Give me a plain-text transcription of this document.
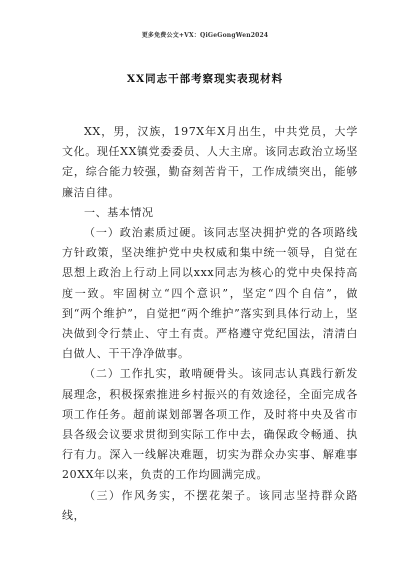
更多免费公文+VX：QiGeGongWen2024
XX同志干部考察现实表现材料

XX，男，汉族，197X年X月出生，中共党员，大学文化。现任XX镇党委委员、人大主席。该同志政治立场坚定，综合能力较强，勤奋刻苦肯干，工作成绩突出，能够廉洁自律。

一、基本情况

（一）政治素质过硬。该同志坚决拥护党的各项路线方针政策，坚决维护党中央权威和集中统一领导，自觉在思想上政治上行动上同以xxx同志为核心的党中央保持高度一致。牢固树立“四个意识”，坚定“四个自信”，做到“两个维护”，自觉把“两个维护”落实到具体行动上，坚决做到令行禁止、守土有责。严格遵守党纪国法，清清白白做人、干干净净做事。

（二）工作扎实，敢啃硬骨头。该同志认真践行新发展理念，积极探索推进乡村振兴的有效途径，全面完成各项工作任务。超前谋划部署各项工作，及时将中央及省市县各级会议要求贯彻到实际工作中去，确保政令畅通、执行有力。深入一线解决难题，切实为群众办实事、解难事20XX年以来，负责的工作均圆满完成。

（三）作风务实，不摆花架子。该同志坚持群众路线，
